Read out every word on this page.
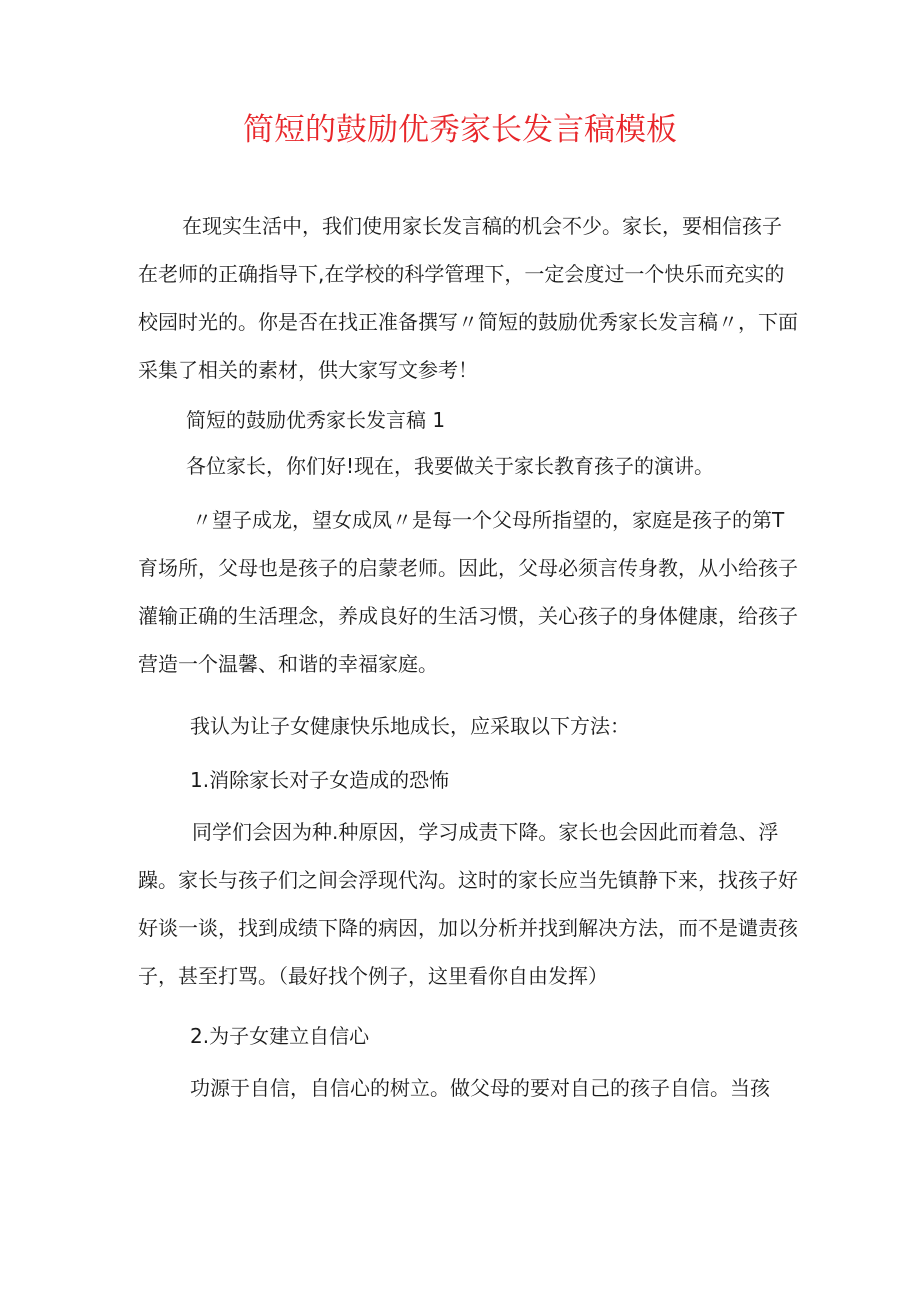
简短的鼓励优秀家长发言稿模板

在现实生活中，我们使用家长发言稿的机会不少。家长，要相信孩子在老师的正确指导下,在学校的科学管理下，一定会度过一个快乐而充实的校园时光的。你是否在找正准备撰写〃简短的鼓励优秀家长发言稿〃，下面采集了相关的素材，供大家写文参考！

简短的鼓励优秀家长发言稿 1
各位家长，你们好!现在，我要做关于家长教育孩子的演讲。

〃望子成龙，望女成凤〃是每一个父母所指望的，家庭是孩子的第T育场所，父母也是孩子的启蒙老师。因此，父母必须言传身教，从小给孩子灌输正确的生活理念，养成良好的生活习惯，关心孩子的身体健康，给孩子营造一个温馨、和谐的幸福家庭。

我认为让子女健康快乐地成长，应采取以下方法：
1.消除家长对子女造成的恐怖

同学们会因为种.种原因，学习成责下降。家长也会因此而着急、浮躁。家长与孩子们之间会浮现代沟。这时的家长应当先镇静下来，找孩子好好谈一谈，找到成绩下降的病因，加以分析并找到解决方法，而不是谴责孩子，甚至打骂。（最好找个例子，这里看你自由发挥）

2.为子女建立自信心
功源于自信，自信心的树立。做父母的要对自己的孩子自信。当孩
